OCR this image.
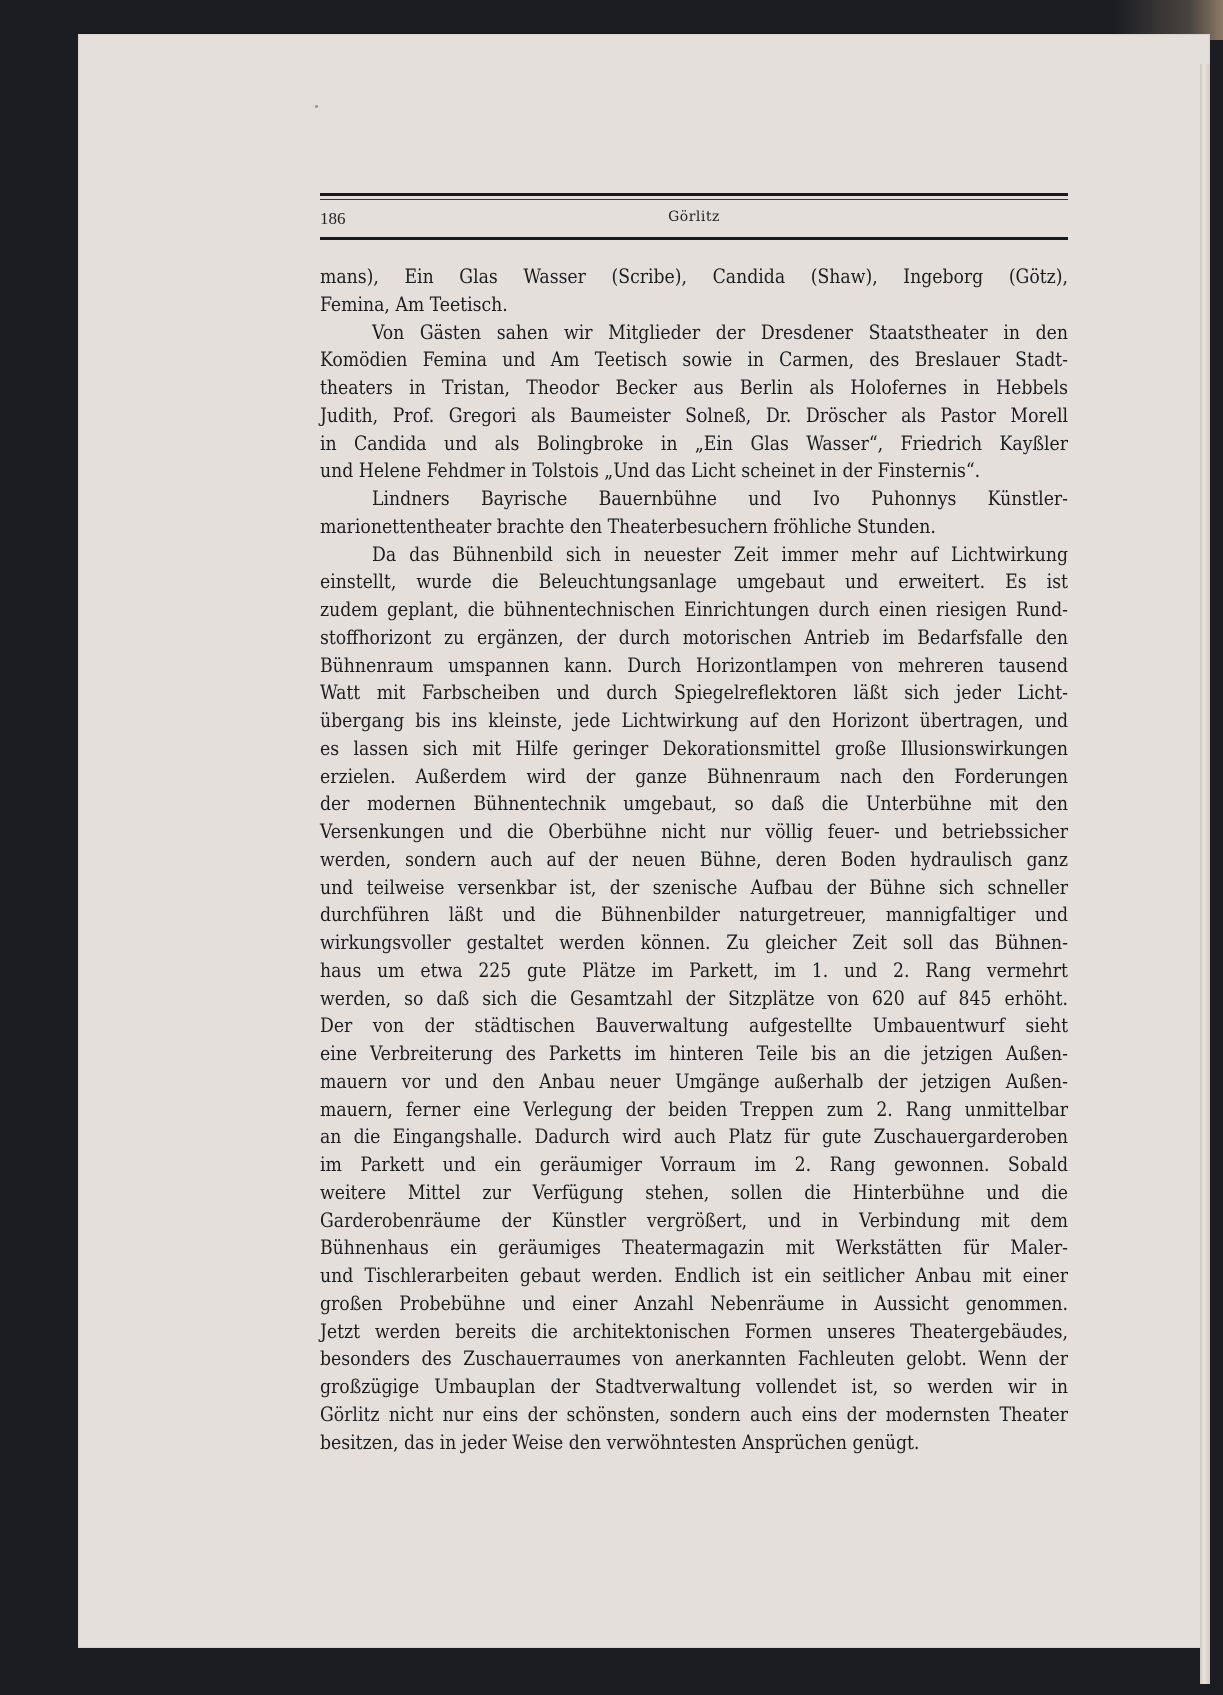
186	Görlitz
mans), Ein Glas Wasser (Scribe), Candida (Shaw), Ingeborg (Götz),
Femina, Am Teetisch.
Von Gästen sahen wir Mitglieder der Dresdener Staatstheater in den
Komödien Femina und Am Teetisch sowie in Carmen, des Breslauer Stadt-
theaters in Tristan, Theodor Becker aus Berlin als Holofernes in Hebbels
Judith, Prof. Gregori als Baumeister Solneß, Dr. Dröscher als Pastor Morell
in Candida und als Bolingbroke in „Ein Glas Wasser“, Friedrich Kayßler
und Helene Fehdmer in Tolstois „Und das Licht scheinet in der Finsternis“.
Lindners Bayrische Bauernbühne und Ivo Puhonnys Künstler-
marionettentheater brachte den Theaterbesuchern fröhliche Stunden.
Da das Bühnenbild sich in neuester Zeit immer mehr auf Lichtwirkung
einstellt, wurde die Beleuchtungsanlage umgebaut und erweitert. Es ist
zudem geplant, die bühnentechnischen Einrichtungen durch einen riesigen Rund-
stoffhorizont zu ergänzen, der durch motorischen Antrieb im Bedarfsfalle den
Bühnenraum umspannen kann. Durch Horizontlampen von mehreren tausend
Watt mit Farbscheiben und durch Spiegelreflektoren läßt sich jeder Licht-
übergang bis ins kleinste, jede Lichtwirkung auf den Horizont übertragen, und
es lassen sich mit Hilfe geringer Dekorationsmittel große Illusionswirkungen
erzielen. Außerdem wird der ganze Bühnenraum nach den Forderungen
der modernen Bühnentechnik umgebaut, so daß die Unterbühne mit den
Versenkungen und die Oberbühne nicht nur völlig feuer- und betriebssicher
werden, sondern auch auf der neuen Bühne, deren Boden hydraulisch ganz
und teilweise versenkbar ist, der szenische Aufbau der Bühne sich schneller
durchführen läßt und die Bühnenbilder naturgetreuer, mannigfaltiger und
wirkungsvoller gestaltet werden können. Zu gleicher Zeit soll das Bühnen-
haus um etwa 225 gute Plätze im Parkett, im 1. und 2. Rang vermehrt
werden, so daß sich die Gesamtzahl der Sitzplätze von 620 auf 845 erhöht.
Der von der städtischen Bauverwaltung aufgestellte Umbauentwurf sieht
eine Verbreiterung des Parketts im hinteren Teile bis an die jetzigen Außen-
mauern vor und den Anbau neuer Umgänge außerhalb der jetzigen Außen-
mauern, ferner eine Verlegung der beiden Treppen zum 2. Rang unmittelbar
an die Eingangshalle. Dadurch wird auch Platz für gute Zuschauergarderoben
im Parkett und ein geräumiger Vorraum im 2. Rang gewonnen. Sobald
weitere Mittel zur Verfügung stehen, sollen die Hinterbühne und die
Garderobenräume der Künstler vergrößert, und in Verbindung mit dem
Bühnenhaus ein geräumiges Theatermagazin mit Werkstätten für Maler-
und Tischlerarbeiten gebaut werden. Endlich ist ein seitlicher Anbau mit einer
großen Probebühne und einer Anzahl Nebenräume in Aussicht genommen.
Jetzt werden bereits die architektonischen Formen unseres Theatergebäudes,
besonders des Zuschauerraumes von anerkannten Fachleuten gelobt. Wenn der
großzügige Umbauplan der Stadtverwaltung vollendet ist, so werden wir in
Görlitz nicht nur eins der schönsten, sondern auch eins der modernsten Theater
besitzen, das in jeder Weise den verwöhntesten Ansprüchen genügt.
